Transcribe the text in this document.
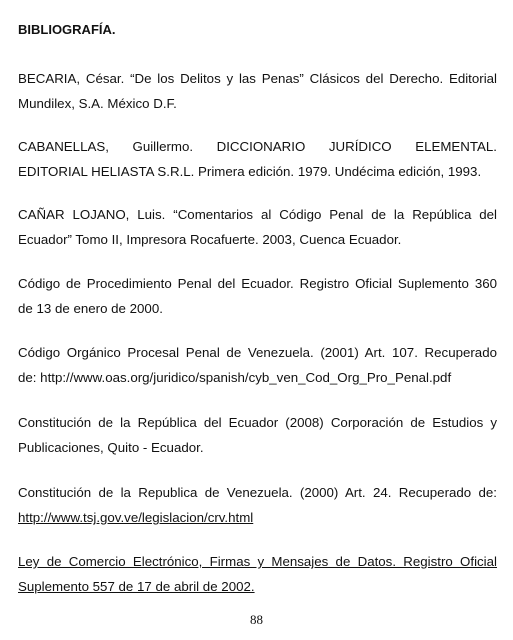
BIBLIOGRAFÍA.
BECARIA, César. “De los Delitos y las Penas” Clásicos del Derecho. Editorial
Mundilex, S.A. México D.F.
CABANELLAS, Guillermo. DICCIONARIO JURÍDICO ELEMENTAL.
EDITORIAL HELIASTA S.R.L. Primera edición. 1979. Undécima edición, 1993.
CAÑAR LOJANO, Luis. “Comentarios al Código Penal de la República del
Ecuador” Tomo II, Impresora Rocafuerte. 2003, Cuenca Ecuador.
Código de Procedimiento Penal del Ecuador. Registro Oficial Suplemento 360
de 13 de enero de 2000.
Código Orgánico Procesal Penal de Venezuela. (2001) Art. 107. Recuperado
de: http://www.oas.org/juridico/spanish/cyb_ven_Cod_Org_Pro_Penal.pdf
Constitución de la República del Ecuador (2008) Corporación de Estudios y
Publicaciones, Quito - Ecuador.
Constitución de la Republica de Venezuela. (2000) Art. 24. Recuperado de:
http://www.tsj.gov.ve/legislacion/crv.html
Ley de Comercio Electrónico, Firmas y Mensajes de Datos. Registro Oficial
Suplemento 557 de 17 de abril de 2002.
88
